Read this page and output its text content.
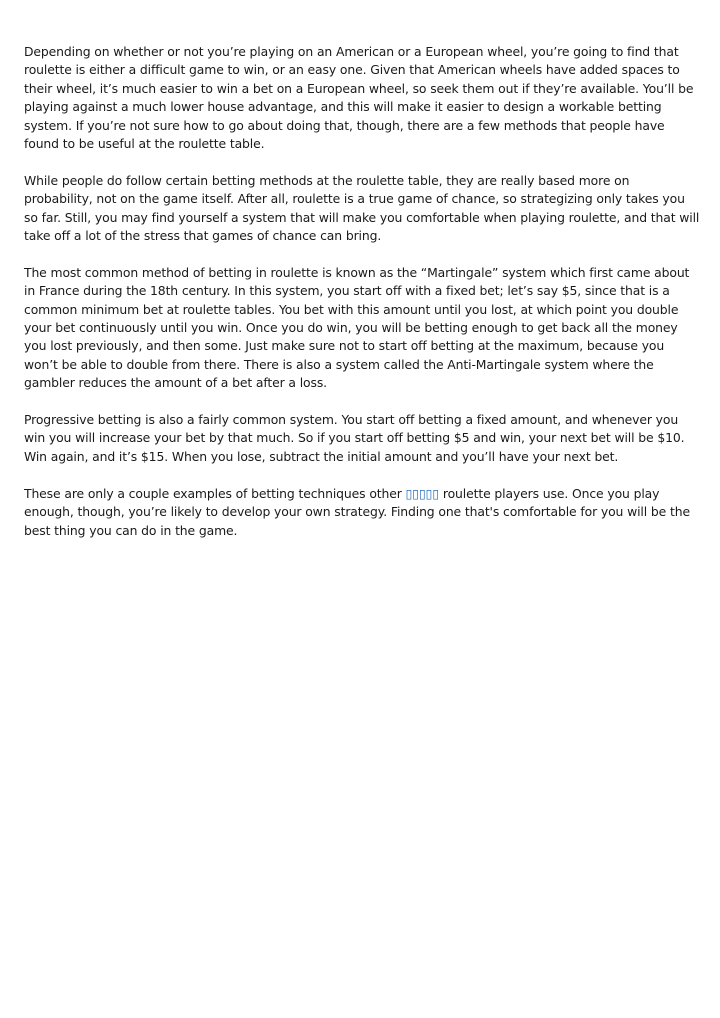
Depending on whether or not you’re playing on an American or a European wheel, you’re going to find that roulette is either a difficult game to win, or an easy one. Given that American wheels have added spaces to their wheel, it’s much easier to win a bet on a European wheel, so seek them out if they’re available. You’ll be playing against a much lower house advantage, and this will make it easier to design a workable betting system. If you’re not sure how to go about doing that, though, there are a few methods that people have found to be useful at the roulette table.

While people do follow certain betting methods at the roulette table, they are really based more on probability, not on the game itself. After all, roulette is a true game of chance, so strategizing only takes you so far. Still, you may find yourself a system that will make you comfortable when playing roulette, and that will take off a lot of the stress that games of chance can bring.

The most common method of betting in roulette is known as the “Martingale” system which first came about in France during the 18th century. In this system, you start off with a fixed bet; let’s say $5, since that is a common minimum bet at roulette tables. You bet with this amount until you lost, at which point you double your bet continuously until you win. Once you do win, you will be betting enough to get back all the money you lost previously, and then some. Just make sure not to start off betting at the maximum, because you won’t be able to double from there. There is also a system called the Anti-Martingale system where the gambler reduces the amount of a bet after a loss.

Progressive betting is also a fairly common system. You start off betting a fixed amount, and whenever you win you will increase your bet by that much. So if you start off betting $5 and win, your next bet will be $10. Win again, and it’s $15. When you lose, subtract the initial amount and you’ll have your next bet.

These are only a couple examples of betting techniques other ▯▯▯▯▯ roulette players use. Once you play enough, though, you’re likely to develop your own strategy. Finding one that's comfortable for you will be the best thing you can do in the game.
